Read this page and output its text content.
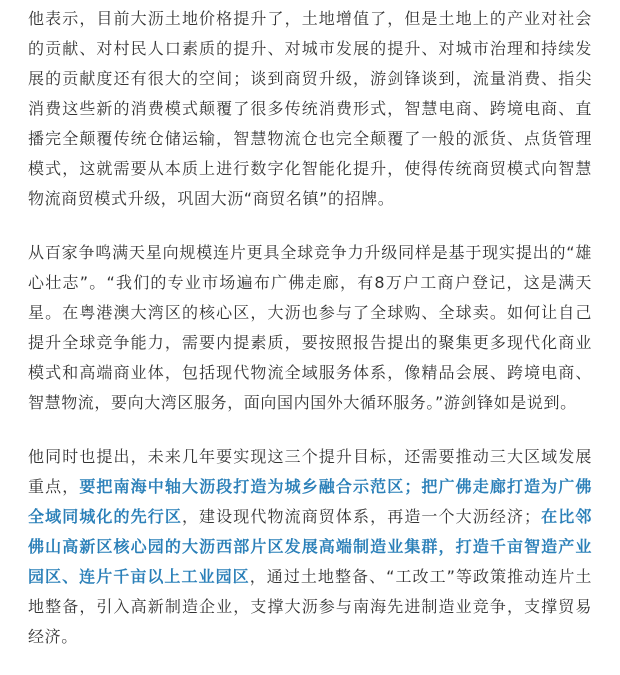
他表示，目前大沥土地价格提升了，土地增值了，但是土地上的产业对社会的贡献、对村民人口素质的提升、对城市发展的提升、对城市治理和持续发展的贡献度还有很大的空间；谈到商贸升级，游剑锋谈到，流量消费、指尖消费这些新的消费模式颠覆了很多传统消费形式，智慧电商、跨境电商、直播完全颠覆传统仓储运输，智慧物流仓也完全颠覆了一般的派货、点货管理模式，这就需要从本质上进行数字化智能化提升，使得传统商贸模式向智慧物流商贸模式升级，巩固大沥“商贸名镇”的招牌。

从百家争鸣满天星向规模连片更具全球竞争力升级同样是基于现实提出的“雄心壮志”。“我们的专业市场遍布广佛走廊，有8万户工商户登记，这是满天星。在粤港澳大湾区的核心区，大沥也参与了全球购、全球卖。如何让自己提升全球竞争能力，需要内提素质，要按照报告提出的聚集更多现代化商业模式和高端商业体，包括现代物流全域服务体系，像精品会展、跨境电商、智慧物流，要向大湾区服务，面向国内国外大循环服务。”游剑锋如是说到。

他同时也提出，未来几年要实现这三个提升目标，还需要推动三大区域发展重点，要把南海中轴大沥段打造为城乡融合示范区；把广佛走廊打造为广佛全域同城化的先行区，建设现代物流商贸体系，再造一个大沥经济；在比邻佛山高新区核心园的大沥西部片区发展高端制造业集群，打造千亩智造产业园区、连片千亩以上工业园区，通过土地整备、“工改工”等政策推动连片土地整备，引入高新制造企业，支撑大沥参与南海先进制造业竞争，支撑贸易经济。
